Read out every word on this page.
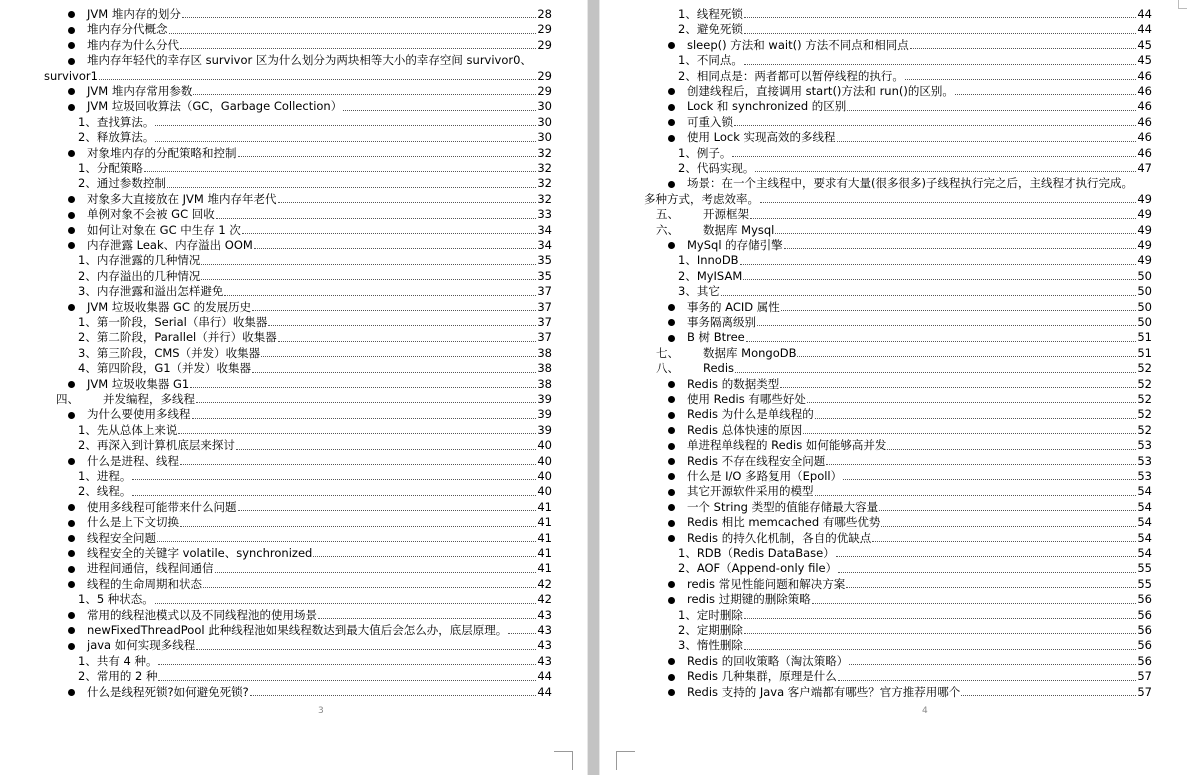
JVM 堆内存的划分	28
堆内存分代概念	29
堆内存为什么分代	29
堆内存年轻代的幸存区 survivor 区为什么划分为两块相等大小的幸存空间 survivor0、
survivor1	29
JVM 堆内存常用参数	29
JVM 垃圾回收算法（GC，Garbage Collection）	30
1、查找算法。	30
2、释放算法。	30
对象堆内存的分配策略和控制	32
1、分配策略	32
2、通过参数控制	32
对象多大直接放在 JVM 堆内存年老代	32
单例对象不会被 GC 回收	33
如何让对象在 GC 中生存 1 次	34
内存泄露 Leak、内存溢出 OOM	34
1、内存泄露的几种情况	35
2、内存溢出的几种情况	35
3、内存泄露和溢出怎样避免	37
JVM 垃圾收集器 GC 的发展历史	37
1、第一阶段，Serial（串行）收集器	37
2、第二阶段，Parallel（并行）收集器	37
3、第三阶段，CMS（并发）收集器	38
4、第四阶段，G1（并发）收集器	38
JVM 垃圾收集器 G1	38
四、	并发编程，多线程	39
为什么要使用多线程	39
1、先从总体上来说	39
2、再深入到计算机底层来探讨	40
什么是进程、线程	40
1、进程。	40
2、线程。	40
使用多线程可能带来什么问题	41
什么是上下文切换	41
线程安全问题	41
线程安全的关键字 volatile、synchronized	41
进程间通信，线程间通信	41
线程的生命周期和状态	42
1、5 种状态。	42
常用的线程池模式以及不同线程池的使用场景	43
newFixedThreadPool 此种线程池如果线程数达到最大值后会怎么办，底层原理。	43
java 如何实现多线程	43
1、共有 4 种。	43
2、常用的 2 种	44
什么是线程死锁?如何避免死锁?	44
3
1、线程死锁	44
2、避免死锁	44
sleep() 方法和 wait() 方法不同点和相同点	45
1、不同点。	45
2、相同点是：两者都可以暂停线程的执行。	46
创建线程后，直接调用 start()方法和 run()的区别。	46
Lock 和 synchronized 的区别	46
可重入锁	46
使用 Lock 实现高效的多线程	46
1、例子。	46
2、代码实现。	47
场景：在一个主线程中，要求有大量(很多很多)子线程执行完之后，主线程才执行完成。
多种方式，考虑效率。	49
五、	开源框架	49
六、	数据库 Mysql	49
MySql 的存储引擎	49
1、InnoDB	49
2、MyISAM	50
3、其它	50
事务的 ACID 属性	50
事务隔离级别	50
B 树 Btree	51
七、	数据库 MongoDB	51
八、	Redis	52
Redis 的数据类型	52
使用 Redis 有哪些好处	52
Redis 为什么是单线程的	52
Redis 总体快速的原因	52
单进程单线程的 Redis 如何能够高并发	53
Redis 不存在线程安全问题	53
什么是 I/O 多路复用（Epoll）	53
其它开源软件采用的模型	54
一个 String 类型的值能存储最大容量	54
Redis 相比 memcached 有哪些优势	54
Redis 的持久化机制，各自的优缺点	54
1、RDB（Redis DataBase）	54
2、AOF（Append-only file）	55
redis 常见性能问题和解决方案	55
redis 过期键的删除策略	56
1、定时删除	56
2、定期删除	56
3、惰性删除	56
Redis 的回收策略（淘汰策略）	56
Redis 几种集群，原理是什么	57
Redis 支持的 Java 客户端都有哪些？官方推荐用哪个	57
4
